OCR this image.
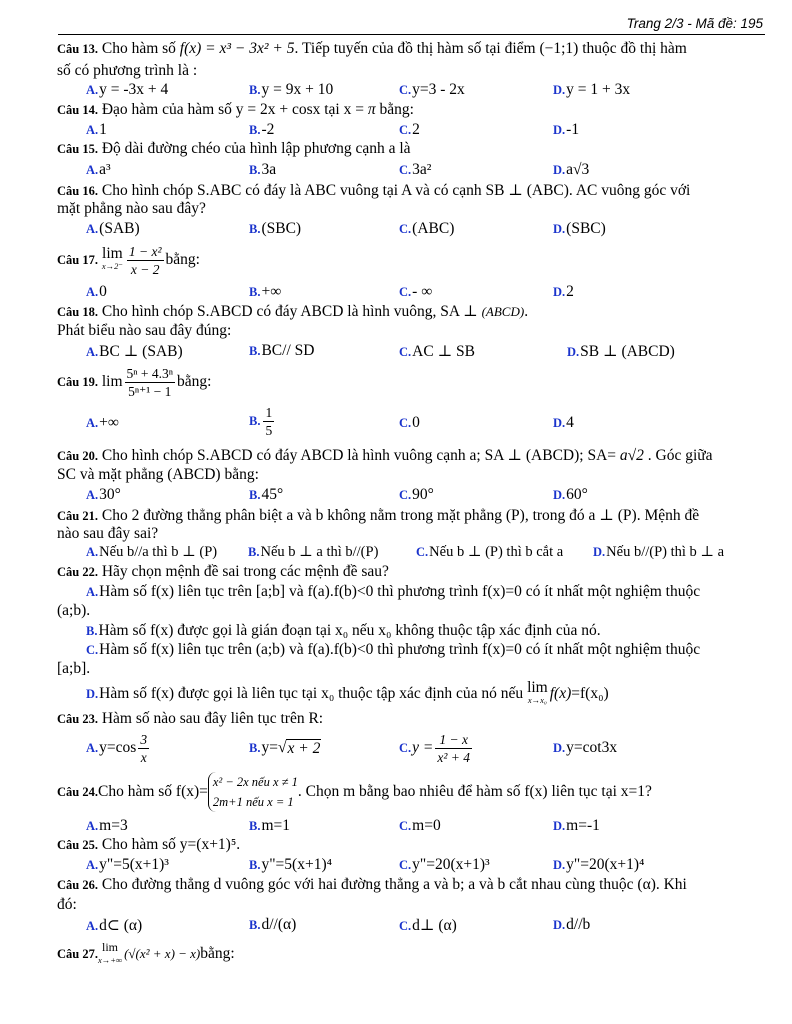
Trang 2/3 - Mã đề: 195
Câu 13. Cho hàm số f(x) = x³ − 3x² + 5. Tiếp tuyến của đồ thị hàm số tại điểm (−1;1) thuộc đồ thị hàm
số có phương trình là :
A.y = -3x + 4	B.y = 9x + 10	C.y=3 - 2x	D.y = 1 + 3x
Câu 14. Đạo hàm của hàm số y = 2x + cosx tại x = π bằng:
A.1	B.-2	C.2	D.-1
Câu 15. Độ dài đường chéo của hình lập phương cạnh a là
A.a³	B.3a	C.3a²	D.a√3
Câu 16. Cho hình chóp S.ABC có đáy là ABC vuông tại A và có cạnh SB ⊥ (ABC). AC vuông góc với
mặt phẳng nào sau đây?
A.(SAB)	B.(SBC)	C.(ABC)	D.(SBC)
Câu 17.
lim
$x\to 2^- \frac{\text{1 − x²}}{x - 2}$ bằng:
A.0	B.+∞	C.- ∞	D.2
Câu 18. Cho hình chóp S.ABCD có đáy ABCD là hình vuông, SA ⊥ (ABCD).
Phát biểu nào sau đây đúng:
A.BC ⊥ (SAB)	B.BC// SD	C.AC ⊥ SB	D.SB ⊥ (ABCD)
Câu 19.
$\lim \frac{\text{5ⁿ + 4.3ⁿ}}{\text{5ⁿ⁺¹ − 1}}$ bằng:
A.+∞	B. $\frac{1}{5}$	C.0	D.4
Câu 20. Cho hình chóp S.ABCD có đáy ABCD là hình vuông cạnh a; SA ⊥ (ABCD); SA= a√2 . Góc giữa
SC và mặt phẳng (ABCD) bằng:
A.30°	B.45°	C.90°	D.60°
Câu 21. Cho 2 đường thẳng phân biệt a và b không nằm trong mặt phẳng (P), trong đó a ⊥ (P). Mệnh đề
nào sau đây sai?
A.Nếu b//a thì b ⊥ (P) B.Nếu b ⊥ a thì b//(P)	C.Nếu b ⊥ (P) thì b cắt a D.Nếu b//(P) thì b ⊥ a
Câu 22. Hãy chọn mệnh đề sai trong các mệnh đề sau?
A.Hàm số f(x) liên tục trên [a;b] và f(a).f(b)<0 thì phương trình f(x)=0 có ít nhất một nghiệm thuộc
(a;b).
B.Hàm số f(x) được gọi là gián đoạn tại x₀ nếu x₀ không thuộc tập xác định của nó.
C.Hàm số f(x) liên tục trên (a;b) và f(a).f(b)<0 thì phương trình f(x)=0 có ít nhất một nghiệm thuộc
[a;b].
D. Hàm số f(x) được gọi là liên tục tại x₀ thuộc tập xác định của nó nếu
lim
x→x₀ f(x) =f(x₀)
Câu 23. Hàm số nào sau đây liên tục trên R:
A. $y=\cos \frac{3}{x}$	B. y= √ x + 2	C. $y = \frac{1 - x}{\text{x² + 4}}$	D. y=cot3x
Câu 24. Cho hàm số f(x)=
x² − 2x nếu x ≠ 1
2m+1 nếu x = 1
. Chọn m bằng bao nhiêu để hàm số f(x) liên tục tại x=1?
A.m=3	B.m=1	C.m=0	D.m=-1
Câu 25. Cho hàm số y=(x+1)⁵.
A.y"=5(x+1)³	B.y"=5(x+1)⁴	C.y"=20(x+1)³	D.y"=20(x+1)⁴
Câu 26. Cho đường thẳng d vuông góc với hai đường thẳng a và b; a và b cắt nhau cùng thuộc (α). Khi
đó:
A.d⊂ (α)	B.d//(α)	C.d⊥ (α)	D.d//b
Câu 27. lim
x→+∞ (√(x² + x) − x) bằng:
